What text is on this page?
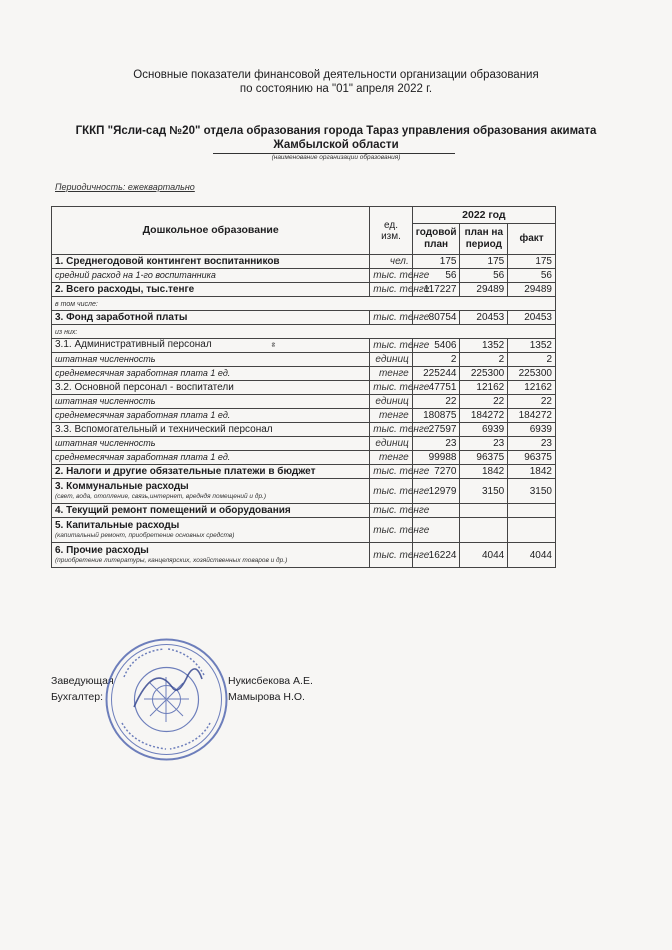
Основные показатели финансовой деятельности организации образования
по состоянию на "01" апреля 2022 г.
ГККП "Ясли-сад №20" отдела образования города Тараз управления образования акимата
Жамбылской области
(наименование организации образования)
Периодичность: ежеквартально
Дошкольное образование	ед. изм.	2022 год		
		годовой план	план на период	факт
1. Среднегодовой контингент воспитанников	чел.	175	175	175
средний расход на 1-го воспитанника	тыс. тенге	56	56	56
2. Всего расходы, тыс.тенге	тыс. тенге	117227	29489	29489
в том числе:				
3. Фонд заработной платы	тыс. тенге	80754	20453	20453
из них:				
3.1. Административный персонал ₴	тыс. тенге	5406	1352	1352
штатная численность	единиц	2	2	2
среднемесячная заработная плата 1 ед.	тенге	225244	225300	225300
3.2. Основной персонал - воспитатели	тыс. тенге	47751	12162	12162
штатная численность	единиц	22	22	22
среднемесячная заработная плата 1 ед.	тенге	180875	184272	184272
3.3. Вспомогательный и технический персонал	тыс. тенге	27597	6939	6939
штатная численность	единиц	23	23	23
среднемесячная заработная плата 1 ед.	тенге	99988	96375	96375
2. Налоги и другие обязательные платежи в бюджет	тыс. тенге	7270	1842	1842
3. Коммунальные расходы
(свет, вода, отопление, связь,интернет, вредндя помещений и др.)	тыс. тенге	12979	3150	3150
4. Текущий ремонт помещений и оборудования	тыс. тенге			
5. Капитальные расходы
(капитальный ремонт, приобретение основных средств)	тыс. тенге			
6. Прочие расходы
(приобретение литературы, канцелярских, хозяйственных товаров и др.)	тыс. тенге	16224	4044	4044
Заведующая	Нукисбекова А.Е.
Бухгалтер:	Мамырова Н.О.
